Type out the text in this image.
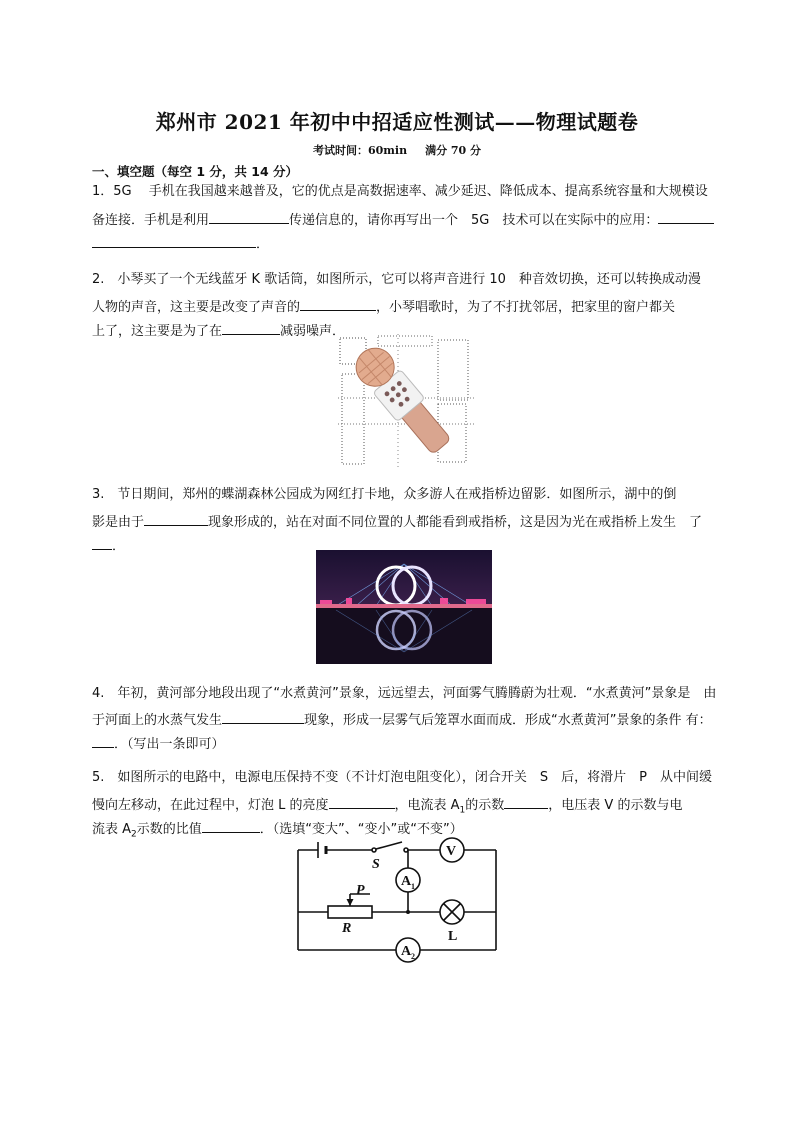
郑州市 2021 年初中中招适应性测试——物理试题卷
考试时间：60min 满分 70 分
一、填空题（每空 1 分，共 14 分）
1．5G　 手机在我国越来越普及，它的优点是高数据速率、减少延迟、降低成本、提高系统容量和大规模设
备连接．手机是利用	传递信息的，请你再写出一个　5G　技术可以在实际中的应用：
．
2.　小琴买了一个无线蓝牙 K 歌话筒，如图所示，它可以将声音进行 10　种音效切换，还可以转换成动漫
人物的声音，这主要是改变了声音的	，小琴唱歌时，为了不打扰邻居，把家里的窗户都关
上了，这主要是为了在	减弱噪声．
3.　节日期间，郑州的蝶湖森林公园成为网红打卡地，众多游人在戒指桥边留影．如图所示，湖中的倒
影是由于	现象形成的，站在对面不同位置的人都能看到戒指桥，这是因为光在戒指桥上发生　了
．
4.　年初，黄河部分地段出现了“水煮黄河”景象，远远望去，河面雾气腾腾蔚为壮观．“水煮黄河”景象是　由
于河面上的水蒸气发生	现象，形成一层雾气后笼罩水面而成．形成“水煮黄河”景象的条件 有：
．（写出一条即可）
5.　如图所示的电路中，电源电压保持不变（不计灯泡电阻变化），闭合开关　S　后，将滑片　P　从中间缓
慢向左移动，在此过程中，灯泡 L 的亮度	，电流表 $A_1$的示数	，电压表 V 的示数与电
流表 $A_2$示数的比值	．（选填“变大”、“变小”或“不变”）
S
P
R
V
A 1
L
A 2
